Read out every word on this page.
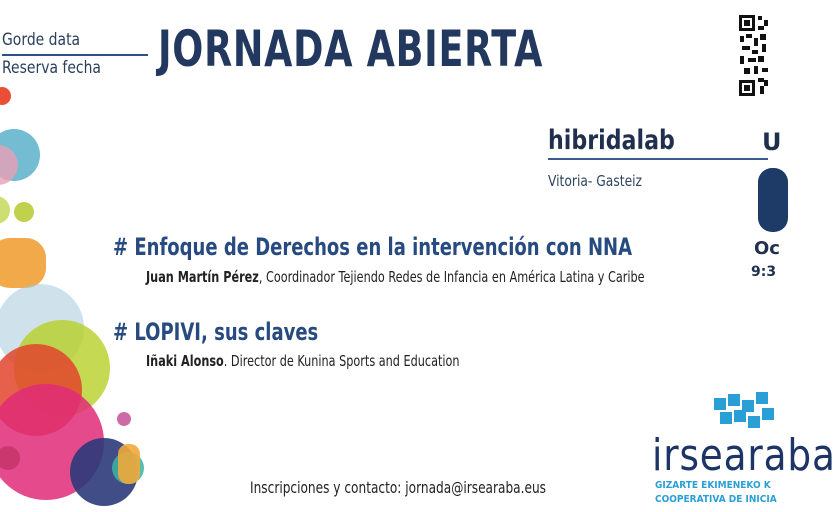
Gorde data
Reserva fecha	JORNADA ABIERTA
hibridalab	U
Vitoria- Gasteiz
Oc
9:3
# Enfoque de Derechos en la intervención con NNA
Juan Martín Pérez, Coordinador Tejiendo Redes de Infancia en América Latina y Caribe
# LOPIVI, sus claves
Iñaki Alonso. Director de Kunina Sports and Education
Inscripciones y contacto: jornada@irsearaba.eus
irsearaba
GIZARTE EKIMENEKO K
COOPERATIVA DE INICIA
